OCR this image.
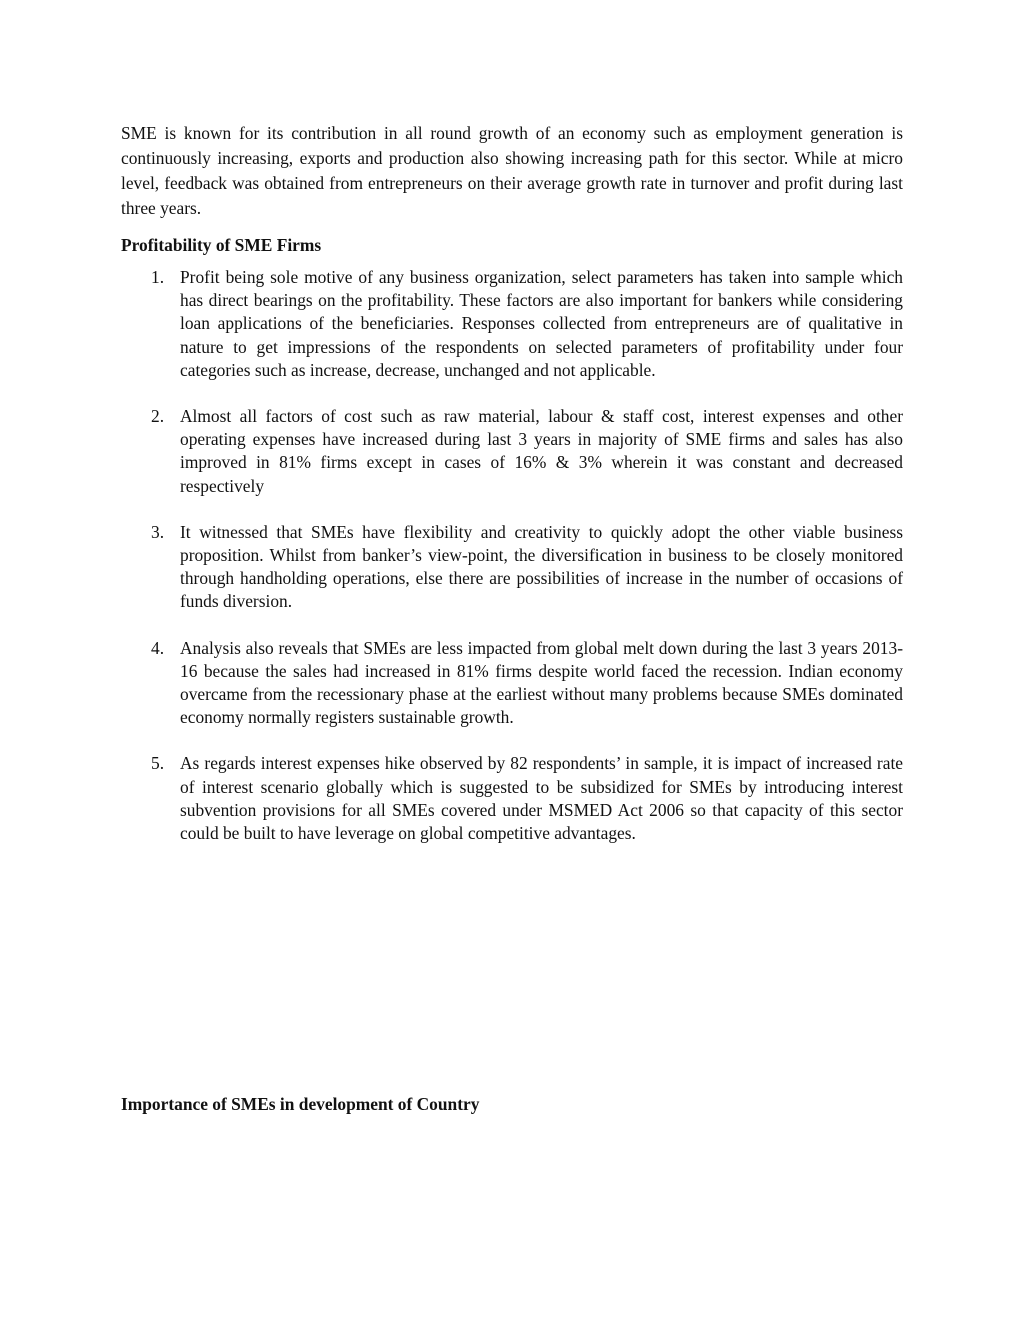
SME is known for its contribution in all round growth of an economy such as employment generation is continuously increasing, exports and production also showing increasing path for this sector. While at micro level, feedback was obtained from entrepreneurs on their average growth rate in turnover and profit during last three years.

Profitability of SME Firms
1. Profit being sole motive of any business organization, select parameters has taken into sample which has direct bearings on the profitability. These factors are also important for bankers while considering loan applications of the beneficiaries. Responses collected from entrepreneurs are of qualitative in nature to get impressions of the respondents on selected parameters of profitability under four categories such as increase, decrease, unchanged and not applicable.
2. Almost all factors of cost such as raw material, labour & staff cost, interest expenses and other operating expenses have increased during last 3 years in majority of SME firms and sales has also improved in 81% firms except in cases of 16% & 3% wherein it was constant and decreased respectively
3. It witnessed that SMEs have flexibility and creativity to quickly adopt the other viable business proposition. Whilst from banker’s view-point, the diversification in business to be closely monitored through handholding operations, else there are possibilities of increase in the number of occasions of funds diversion.
4. Analysis also reveals that SMEs are less impacted from global melt down during the last 3 years 2013-16 because the sales had increased in 81% firms despite world faced the recession. Indian economy overcame from the recessionary phase at the earliest without many problems because SMEs dominated economy normally registers sustainable growth.
5. As regards interest expenses hike observed by 82 respondents’ in sample, it is impact of increased rate of interest scenario globally which is suggested to be subsidized for SMEs by introducing interest subvention provisions for all SMEs covered under MSMED Act 2006 so that capacity of this sector could be built to have leverage on global competitive advantages.
Importance of SMEs in development of Country
